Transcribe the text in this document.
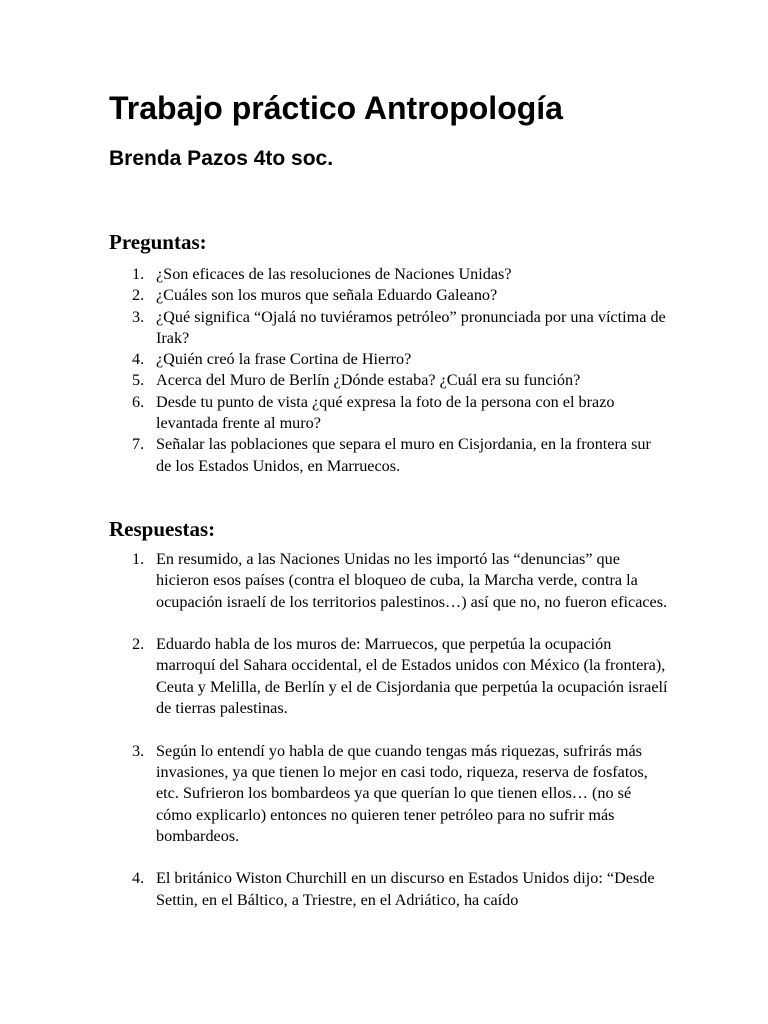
Trabajo práctico Antropología
Brenda Pazos 4to soc.
Preguntas:
1. ¿Son eficaces de las resoluciones de Naciones Unidas?
2. ¿Cuáles son los muros que señala Eduardo Galeano?
3. ¿Qué significa “Ojalá no tuviéramos petróleo” pronunciada por una víctima de Irak?
4. ¿Quién creó la frase Cortina de Hierro?
5. Acerca del Muro de Berlín ¿Dónde estaba? ¿Cuál era su función?
6. Desde tu punto de vista ¿qué expresa la foto de la persona con el brazo levantada frente al muro?
7. Señalar las poblaciones que separa el muro en Cisjordania, en la frontera sur de los Estados Unidos, en Marruecos.
Respuestas:
1. En resumido, a las Naciones Unidas no les importó las “denuncias” que hicieron esos países (contra el bloqueo de cuba, la Marcha verde, contra la ocupación israelí de los territorios palestinos…) así que no, no fueron eficaces.
2. Eduardo habla de los muros de: Marruecos, que perpetúa la ocupación marroquí del Sahara occidental, el de Estados unidos con México (la frontera), Ceuta y Melilla, de Berlín y el de Cisjordania que perpetúa la ocupación israelí de tierras palestinas.
3. Según lo entendí yo habla de que cuando tengas más riquezas, sufrirás más invasiones, ya que tienen lo mejor en casi todo, riqueza, reserva de fosfatos, etc. Sufrieron los bombardeos ya que querían lo que tienen ellos… (no sé cómo explicarlo) entonces no quieren tener petróleo para no sufrir más bombardeos.
4. El británico Wiston Churchill en un discurso en Estados Unidos dijo: “Desde Settin, en el Báltico, a Triestre, en el Adriático, ha caído
